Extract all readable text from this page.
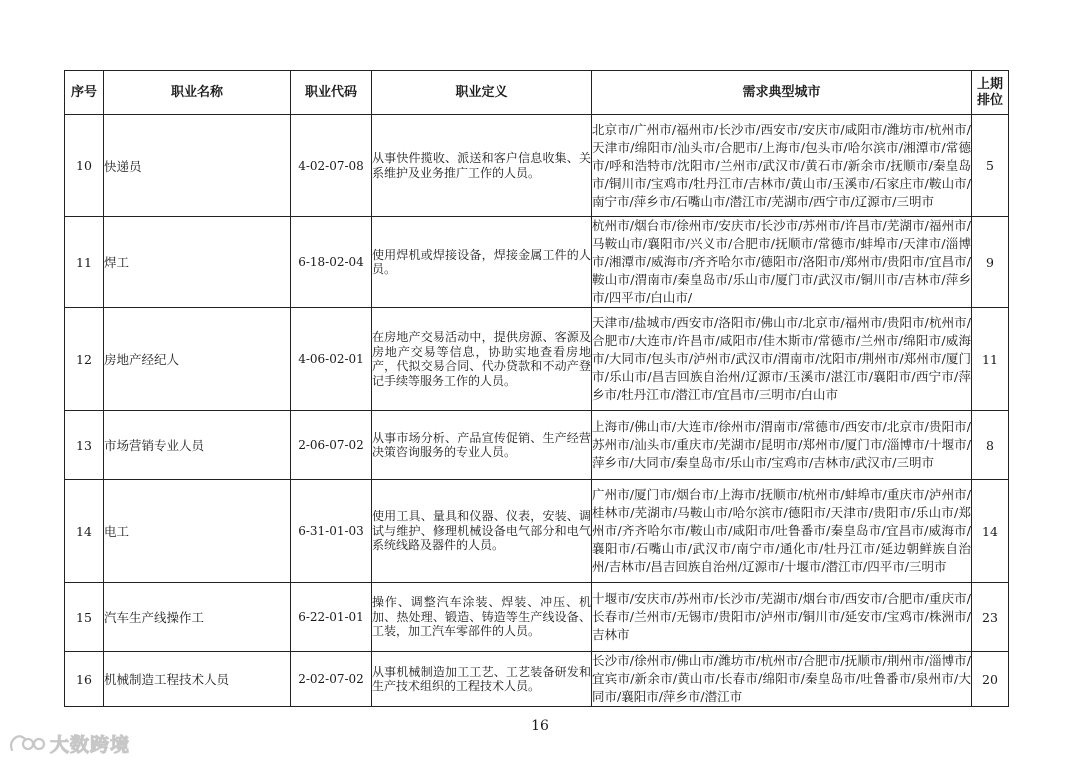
序号	职业名称	职业代码	职业定义	需求典型城市	上期排位
10	快递员	4-02-07-08	从事快件揽收、派送和客户信息收集、关系维护及业务推广工作的人员。	北京市/广州市/福州市/长沙市/西安市/安庆市/咸阳市/潍坊市/杭州市/天津市/绵阳市/汕头市/合肥市/上海市/包头市/哈尔滨市/湘潭市/常德市/呼和浩特市/沈阳市/兰州市/武汉市/黄石市/新余市/抚顺市/秦皇岛市/铜川市/宝鸡市/牡丹江市/吉林市/黄山市/玉溪市/石家庄市/鞍山市/南宁市/萍乡市/石嘴山市/潜江市/芜湖市/西宁市/辽源市/三明市	5
11	焊工	6-18-02-04	使用焊机或焊接设备，焊接金属工件的人员。	杭州市/烟台市/徐州市/安庆市/长沙市/苏州市/许昌市/芜湖市/福州市/马鞍山市/襄阳市/兴义市/合肥市/抚顺市/常德市/蚌埠市/天津市/淄博市/湘潭市/威海市/齐齐哈尔市/德阳市/洛阳市/郑州市/贵阳市/宜昌市/鞍山市/渭南市/秦皇岛市/乐山市/厦门市/武汉市/铜川市/吉林市/萍乡市/四平市/白山市/	9
12	房地产经纪人	4-06-02-01	在房地产交易活动中，提供房源、客源及房地产交易等信息，协助实地查看房地产，代拟交易合同、代办贷款和不动产登记手续等服务工作的人员。	天津市/盐城市/西安市/洛阳市/佛山市/北京市/福州市/贵阳市/杭州市/合肥市/大连市/许昌市/咸阳市/佳木斯市/常德市/兰州市/绵阳市/威海市/大同市/包头市/泸州市/武汉市/渭南市/沈阳市/荆州市/郑州市/厦门市/乐山市/昌吉回族自治州/辽源市/玉溪市/湛江市/襄阳市/西宁市/萍乡市/牡丹江市/潜江市/宜昌市/三明市/白山市	11
13	市场营销专业人员	2-06-07-02	从事市场分析、产品宣传促销、生产经营决策咨询服务的专业人员。	上海市/佛山市/大连市/徐州市/渭南市/常德市/西安市/北京市/贵阳市/苏州市/汕头市/重庆市/芜湖市/昆明市/郑州市/厦门市/淄博市/十堰市/萍乡市/大同市/秦皇岛市/乐山市/宝鸡市/吉林市/武汉市/三明市	8
14	电工	6-31-01-03	使用工具、量具和仪器、仪表，安装、调试与维护、修理机械设备电气部分和电气系统线路及器件的人员。	广州市/厦门市/烟台市/上海市/抚顺市/杭州市/蚌埠市/重庆市/泸州市/桂林市/芜湖市/马鞍山市/哈尔滨市/德阳市/天津市/贵阳市/乐山市/郑州市/齐齐哈尔市/鞍山市/咸阳市/吐鲁番市/秦皇岛市/宜昌市/威海市/襄阳市/石嘴山市/武汉市/南宁市/通化市/牡丹江市/延边朝鲜族自治州/吉林市/昌吉回族自治州/辽源市/十堰市/潜江市/四平市/三明市	14
15	汽车生产线操作工	6-22-01-01	操作、调整汽车涂装、焊装、冲压、机加、热处理、锻造、铸造等生产线设备、工装，加工汽车零部件的人员。	十堰市/安庆市/苏州市/长沙市/芜湖市/烟台市/西安市/合肥市/重庆市/长春市/兰州市/无锡市/贵阳市/泸州市/铜川市/延安市/宝鸡市/株洲市/吉林市	23
16	机械制造工程技术人员	2-02-07-02	从事机械制造加工工艺、工艺装备研发和生产技术组织的工程技术人员。	长沙市/徐州市/佛山市/潍坊市/杭州市/合肥市/抚顺市/荆州市/淄博市/宜宾市/新余市/黄山市/长春市/绵阳市/秦皇岛市/吐鲁番市/泉州市/大同市/襄阳市/萍乡市/潜江市	20
16
大数跨境
